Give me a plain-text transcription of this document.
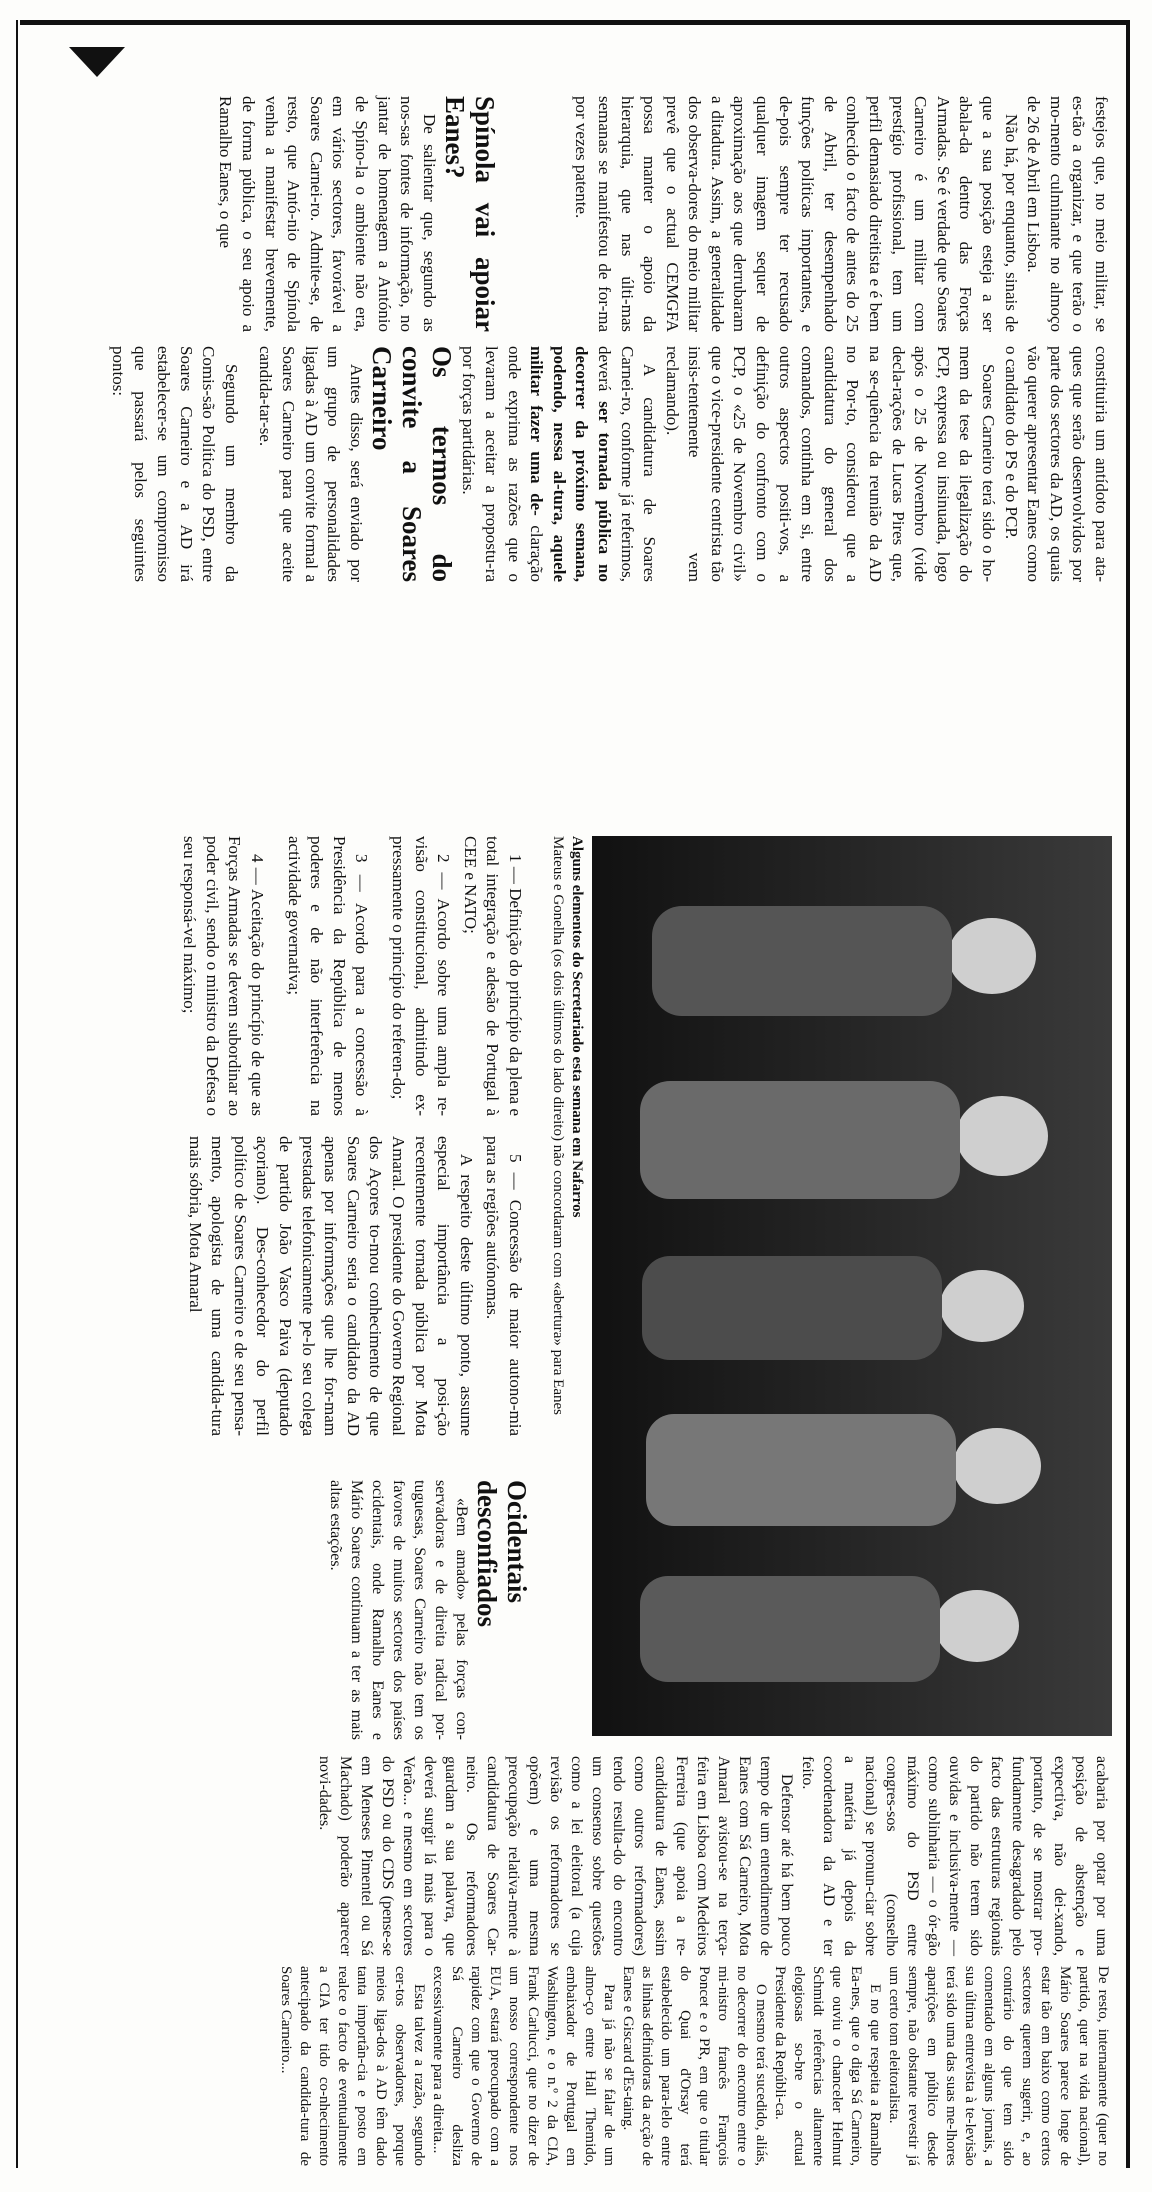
festejos que, no meio militar, se es-tão a organizar, e que terão o mo-mento culminante no almoço de 26 de Abril em Lisboa.

Não há, por enquanto, sinais de que a sua posição esteja a ser abala-da dentro das Forças Armadas. Se é verdade que Soares Carneiro é um militar com prestígio profissional, tem um perfil demasiado direitista e é bem conhecido o facto de antes do 25 de Abril, ter desempenhado funções políticas importantes, e de-pois sempre ter recusado qualquer imagem sequer de aproximação aos que derrubaram a ditadura. Assim, a generalidade dos observa-dores do meio militar prevê que o actual CEMGFA possa manter o apoio da hierarquia, que nas últi-mas semanas se manifestou de for-ma por vezes patente.

Spínola vai apoiar Eanes?

De salientar que, segundo as nos-sas fontes de informação, no jantar de homenagem a António de Spíno-la o ambiente não era, em vários sectores, favorável a Soares Carnei-ro. Admite-se, de resto, que Antó-nio de Spínola venha a manifestar brevemente, de forma pública, o seu apoio a Ramalho Eanes, o que

constituiria um antídoto para ata-ques que serão desenvolvidos por parte dos sectores da AD, os quais vão querer apresentar Eanes como o candidato do PS e do PCP.

Soares Carneiro terá sido o ho-mem da tese da ilegalização do PCP, expressa ou insinuada, logo após o 25 de Novembro (vide decla-rações de Lucas Pires que, na se-quência da reunião da AD no Por-to, considerou que a candidatura do general dos comandos, continha em si, entre outros aspectos positi-vos, a definição do confronto com o PCP, o «25 de Novembro civil» que o vice-presidente centrista tão insis-tentemente vem reclamando).

A candidatura de Soares Carnei-ro, conforme já referimos, deverá ser tornada pública no decorrer da próximo semana, podendo, nessa al-tura, aquele militar fazer uma de- claração onde exprima as razões que o levaram a aceitar a propostu-ra por forças partidárias.

Os termos do convite a Soares Carneiro

Antes disso, será enviado por um grupo de personalidades ligadas à AD um convite formal a Soares Carneiro para que aceite candida-tar-se.

Segundo um membro da Comis-são Política do PSD, entre Soares Carneiro e a AD irá estabelecer-se um compromisso que passará pelos seguintes pontos:

Alguns elementos do Secretariado esta semana em Nafarros
Mateus e Gonelha (os dois últimos do lado direito) não concordaram com «abertura» para Eanes

1 — Definição do princípio da plena e total integração e adesão de Portugal à CEE e NATO;

2 — Acordo sobre uma ampla re-visão constitucional, admitindo ex-pressamente o princípio do referen-do;

3 — Acordo para a concessão à Presidência da República de menos poderes e de não interferência na actividade governativa;

4 — Aceitação do princípio de que as Forças Armadas se devem subordinar ao poder civil, sendo o ministro da Defesa o seu responsá-vel máximo;

5 — Concessão de maior autono-mia para as regiões autónomas.

A respeito deste último ponto, assume especial importância a posi-ção recentemente tornada pública por Mota Amaral. O presidente do Governo Regional dos Açores to-mou conhecimento de que Soares Carneiro seria o candidato da AD apenas por informações que lhe for-mam prestadas telefonicamente pe-lo seu colega de partido João Vasco Paiva (deputado açoriano). Des-conhecedor do perfil político de Soares Carneiro e de seu pensa-mento, apologista de uma candida-tura mais sóbria, Mota Amaral

acabaria por optar por uma posição de abstenção e expectiva, não dei-xando, portanto, de se mostrar pro-fundamente desagradado pelo facto das estruturas regionais do partido não terem sido ouvidas e inclusiva-mente — como sublinharia — o ór-gão máximo do PSD entre congres-sos (conselho nacional) se pronun-ciar sobre a matéria já depois da coordenadora da AD e ter feito.

Defensor até há bem pouco tempo de um entendimento de Eanes com Sá Carneiro, Mota Amaral avistou-se na terça-feira em Lisboa com Medeiros Ferreira (que apoia a re-candidatura de Eanes, assim como outros reformadores) tendo resulta-do do encontro um consenso sobre questões como a lei eleitoral (a cuja revisão os reformadores se opõem) e uma mesma preocupação relativa-mente à candidatura de Soares Car-neiro. Os reformadores guardam a sua palavra, que deverá surgir lá mais para o Verão... e mesmo em sectores do PSD ou do CDS (pense-se em Meneses Pimentel ou Sá Machado) poderão aparecer novi-dades.

Ocidentais desconfiados

«Bem amado» pelas forças con-servadoras e de direita radical por-tuguesas, Soares Carneiro não tem os favores de muitos sectores dos países ocidentais, onde Ramalho Eanes e Mário Soares continuam a ter as mais altas estações.

De resto, internamente (quer no partido, quer na vida nacional), Mário Soares parece longe de estar tão em baixo como certos sectores querem sugerir, e, ao contrário do que tem sido comentado em alguns jornais, a sua última entrevista à te-levisão terá sido uma das suas me-lhores aparições em público desde sempre, não obstante revestir já um certo tom eleitoralista.

E no que respeita a Ramalho Ea-nes, que o diga Sá Carneiro, que ouviu o chanceler Helmut Schmidt referências altamente elogiosas so-bre o actual Presidente da Repúbli-ca.

O mesmo terá sucedido, aliás, no decorrer do encontro entre o mi-nistro francês François Poncet e o PR, em que o titular do Quai d'Orsay terá estabelecido um para-lelo entre as linhas definidoras da acção de Eanes e Giscard d'Es-taing.

Para já não se falar de um almo-ço entre Hall Themido, embaixador de Portugal em Washington, e o n.º 2 da CIA, Frank Carlucci, que no dizer de um nosso correspondente nos EUA, estará preocupado com a rapidez com que o Governo de Sá Carneiro desliza excessivamente para a direita...

Esta talvez a razão, segundo cer-tos observadores, porque meios liga-dos à AD têm dado tanta importân-cia e posto em realce o facto de eventualmente a CIA ter tido co-nhecimento antecipado da candida-tura de Soares Carneiro...
